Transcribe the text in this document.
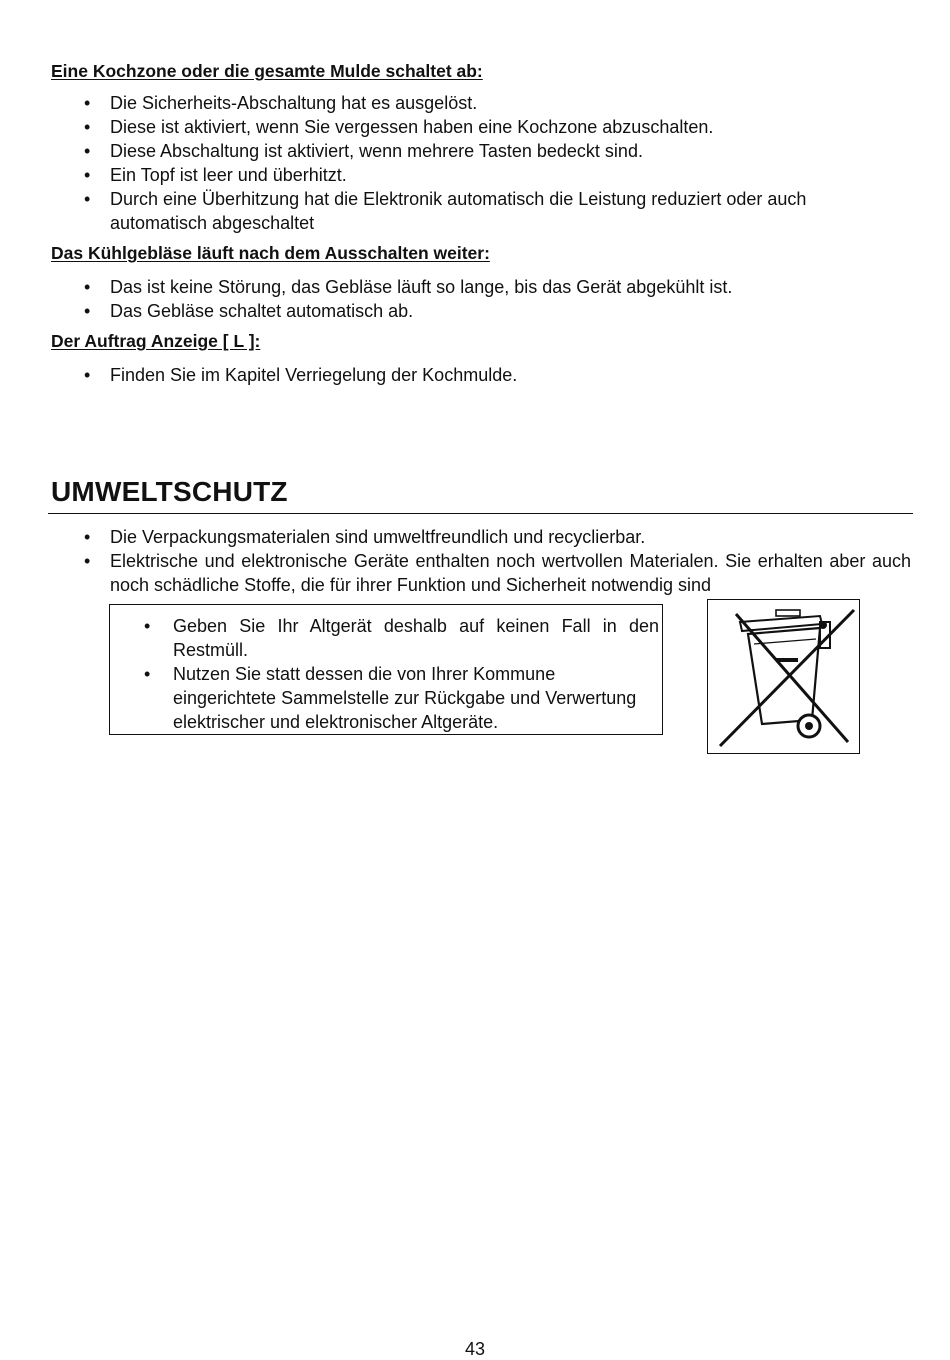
Eine Kochzone oder die gesamte Mulde schaltet ab:
• Die Sicherheits-Abschaltung hat es ausgelöst.
• Diese ist aktiviert, wenn Sie vergessen haben eine Kochzone abzuschalten.
• Diese Abschaltung ist aktiviert, wenn mehrere Tasten bedeckt sind.
• Ein Topf ist leer und überhitzt.
• Durch eine Überhitzung hat die Elektronik automatisch die Leistung reduziert oder auch automatisch abgeschaltet
Das Kühlgebläse läuft nach dem Ausschalten weiter:
• Das ist keine Störung, das Gebläse läuft so lange, bis das Gerät abgekühlt ist.
• Das Gebläse schaltet automatisch ab.
Der Auftrag Anzeige [ L ]:
• Finden Sie im Kapitel Verriegelung der Kochmulde.
UMWELTSCHUTZ
• Die Verpackungsmaterialen sind umweltfreundlich und recyclierbar.
• Elektrische und elektronische Geräte enthalten noch wertvollen Materialen. Sie erhalten aber auch noch schädliche Stoffe, die für ihrer Funktion und Sicherheit notwendig sind
• Geben Sie Ihr Altgerät deshalb auf keinen Fall in den Restmüll.
• Nutzen Sie statt dessen die von Ihrer Kommune eingerichtete Sammelstelle zur Rückgabe und Verwertung elektrischer und elektronischer Altgeräte.
43
